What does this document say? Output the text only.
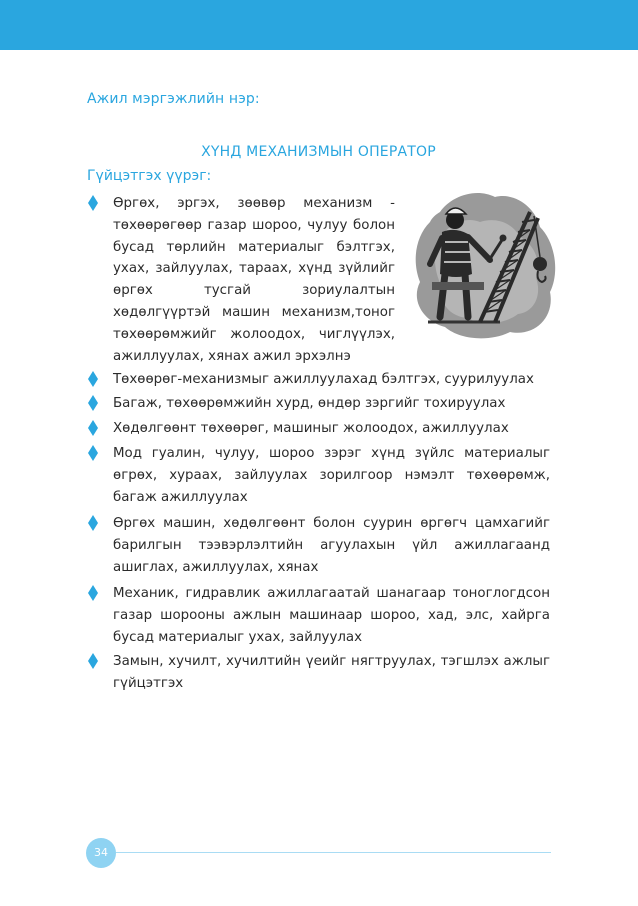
Ажил мэргэжлийн нэр:
ХҮНД МЕХАНИЗМЫН ОПЕРАТОР
Гүйцэтгэх үүрэг:
Өргөх, эргэх, зөөвөр механизм - төхөөрөгөөр газар шороо, чулуу болон бусад төрлийн материалыг бэлтгэх, ухах, зайлуулах, тараах, хүнд зүйлийг өргөх тусгай зориулалтын хөдөлгүүртэй машин механизм,тоног төхөөрөмжийг жолоодох, чиглүүлэх, ажиллуулах, хянах ажил эрхэлнэ
Төхөөрөг-механизмыг ажиллуулахад бэлтгэх, суурилуулах
Багаж, төхөөрөмжийн хурд, өндөр зэргийг тохируулах
Хөдөлгөөнт төхөөрөг, машиныг жолоодох, ажиллуулах
Мод гуалин, чулуу, шороо зэрэг хүнд зүйлс материалыг өгрөх, хураах, зайлуулах зорилгоор нэмэлт төхөөрөмж, багаж ажиллуулах
Өргөх машин, хөдөлгөөнт болон суурин өргөгч цамхагийг барилгын тээвэрлэлтийн агуулахын үйл ажиллагаанд ашиглах, ажиллуулах, хянах
Механик, гидравлик ажиллагаатай шанагаар тоноглогдсон газар шорооны ажлын машинаар шороо, хад, элс, хайрга бусад материалыг ухах, зайлуулах
Замын, хучилт, хучилтийн үеийг нягтруулах, тэгшлэх ажлыг гүйцэтгэх
34
